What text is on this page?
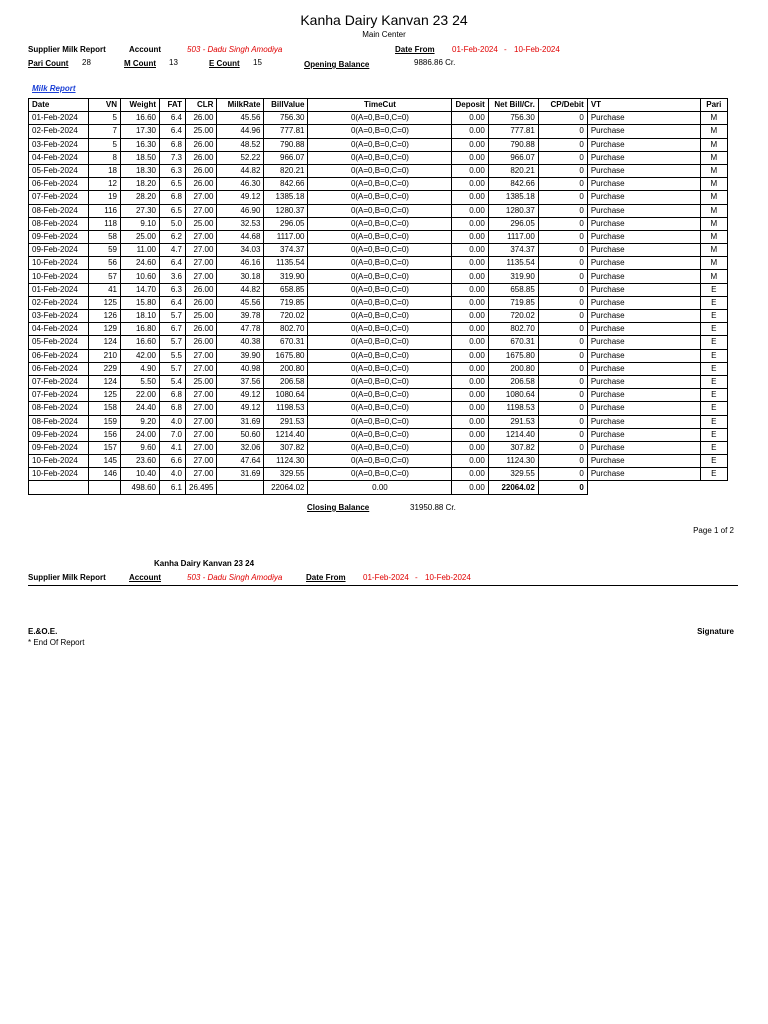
Kanha Dairy Kanvan 23 24
Main Center
Supplier Milk Report	Account	503 - Dadu Singh Amodiya	Date From 01-Feb-2024 - 10-Feb-2024
Pari Count 28	M Count 13	E Count 15	Opening Balance	9886.86 Cr.
Milk Report
Date	VN	Weight	FAT	CLR	MilkRate	BillValue	TimeCut	Deposit	Net Bill/Cr.	CP/Debit	VT	Pari
01-Feb-2024	5	16.60	6.4	26.00	45.56	756.30	0(A=0,B=0,C=0)	0.00	756.30	0	Purchase	M
02-Feb-2024	7	17.30	6.4	25.00	44.96	777.81	0(A=0,B=0,C=0)	0.00	777.81	0	Purchase	M
03-Feb-2024	5	16.30	6.8	26.00	48.52	790.88	0(A=0,B=0,C=0)	0.00	790.88	0	Purchase	M
04-Feb-2024	8	18.50	7.3	26.00	52.22	966.07	0(A=0,B=0,C=0)	0.00	966.07	0	Purchase	M
05-Feb-2024	18	18.30	6.3	26.00	44.82	820.21	0(A=0,B=0,C=0)	0.00	820.21	0	Purchase	M
06-Feb-2024	12	18.20	6.5	26.00	46.30	842.66	0(A=0,B=0,C=0)	0.00	842.66	0	Purchase	M
07-Feb-2024	19	28.20	6.8	27.00	49.12	1385.18	0(A=0,B=0,C=0)	0.00	1385.18	0	Purchase	M
08-Feb-2024	116	27.30	6.5	27.00	46.90	1280.37	0(A=0,B=0,C=0)	0.00	1280.37	0	Purchase	M
08-Feb-2024	118	9.10	5.0	25.00	32.53	296.05	0(A=0,B=0,C=0)	0.00	296.05	0	Purchase	M
09-Feb-2024	58	25.00	6.2	27.00	44.68	1117.00	0(A=0,B=0,C=0)	0.00	1117.00	0	Purchase	M
09-Feb-2024	59	11.00	4.7	27.00	34.03	374.37	0(A=0,B=0,C=0)	0.00	374.37	0	Purchase	M
10-Feb-2024	56	24.60	6.4	27.00	46.16	1135.54	0(A=0,B=0,C=0)	0.00	1135.54	0	Purchase	M
10-Feb-2024	57	10.60	3.6	27.00	30.18	319.90	0(A=0,B=0,C=0)	0.00	319.90	0	Purchase	M
01-Feb-2024	41	14.70	6.3	26.00	44.82	658.85	0(A=0,B=0,C=0)	0.00	658.85	0	Purchase	E
02-Feb-2024	125	15.80	6.4	26.00	45.56	719.85	0(A=0,B=0,C=0)	0.00	719.85	0	Purchase	E
03-Feb-2024	126	18.10	5.7	25.00	39.78	720.02	0(A=0,B=0,C=0)	0.00	720.02	0	Purchase	E
04-Feb-2024	129	16.80	6.7	26.00	47.78	802.70	0(A=0,B=0,C=0)	0.00	802.70	0	Purchase	E
05-Feb-2024	124	16.60	5.7	26.00	40.38	670.31	0(A=0,B=0,C=0)	0.00	670.31	0	Purchase	E
06-Feb-2024	210	42.00	5.5	27.00	39.90	1675.80	0(A=0,B=0,C=0)	0.00	1675.80	0	Purchase	E
06-Feb-2024	229	4.90	5.7	27.00	40.98	200.80	0(A=0,B=0,C=0)	0.00	200.80	0	Purchase	E
07-Feb-2024	124	5.50	5.4	25.00	37.56	206.58	0(A=0,B=0,C=0)	0.00	206.58	0	Purchase	E
07-Feb-2024	125	22.00	6.8	27.00	49.12	1080.64	0(A=0,B=0,C=0)	0.00	1080.64	0	Purchase	E
08-Feb-2024	158	24.40	6.8	27.00	49.12	1198.53	0(A=0,B=0,C=0)	0.00	1198.53	0	Purchase	E
08-Feb-2024	159	9.20	4.0	27.00	31.69	291.53	0(A=0,B=0,C=0)	0.00	291.53	0	Purchase	E
09-Feb-2024	156	24.00	7.0	27.00	50.60	1214.40	0(A=0,B=0,C=0)	0.00	1214.40	0	Purchase	E
09-Feb-2024	157	9.60	4.1	27.00	32.06	307.82	0(A=0,B=0,C=0)	0.00	307.82	0	Purchase	E
10-Feb-2024	145	23.60	6.6	27.00	47.64	1124.30	0(A=0,B=0,C=0)	0.00	1124.30	0	Purchase	E
10-Feb-2024	146	10.40	4.0	27.00	31.69	329.55	0(A=0,B=0,C=0)	0.00	329.55	0	Purchase	E
		498.60	6.1	26.495		22064.02	0.00	0.00	22064.02	0		
Closing Balance	31950.88 Cr.
Page 1 of 2
Kanha Dairy Kanvan 23 24
Supplier Milk Report	Account	503 - Dadu Singh Amodiya	Date From 01-Feb-2024 - 10-Feb-2024
E.&O.E.	Signature
* End Of Report
